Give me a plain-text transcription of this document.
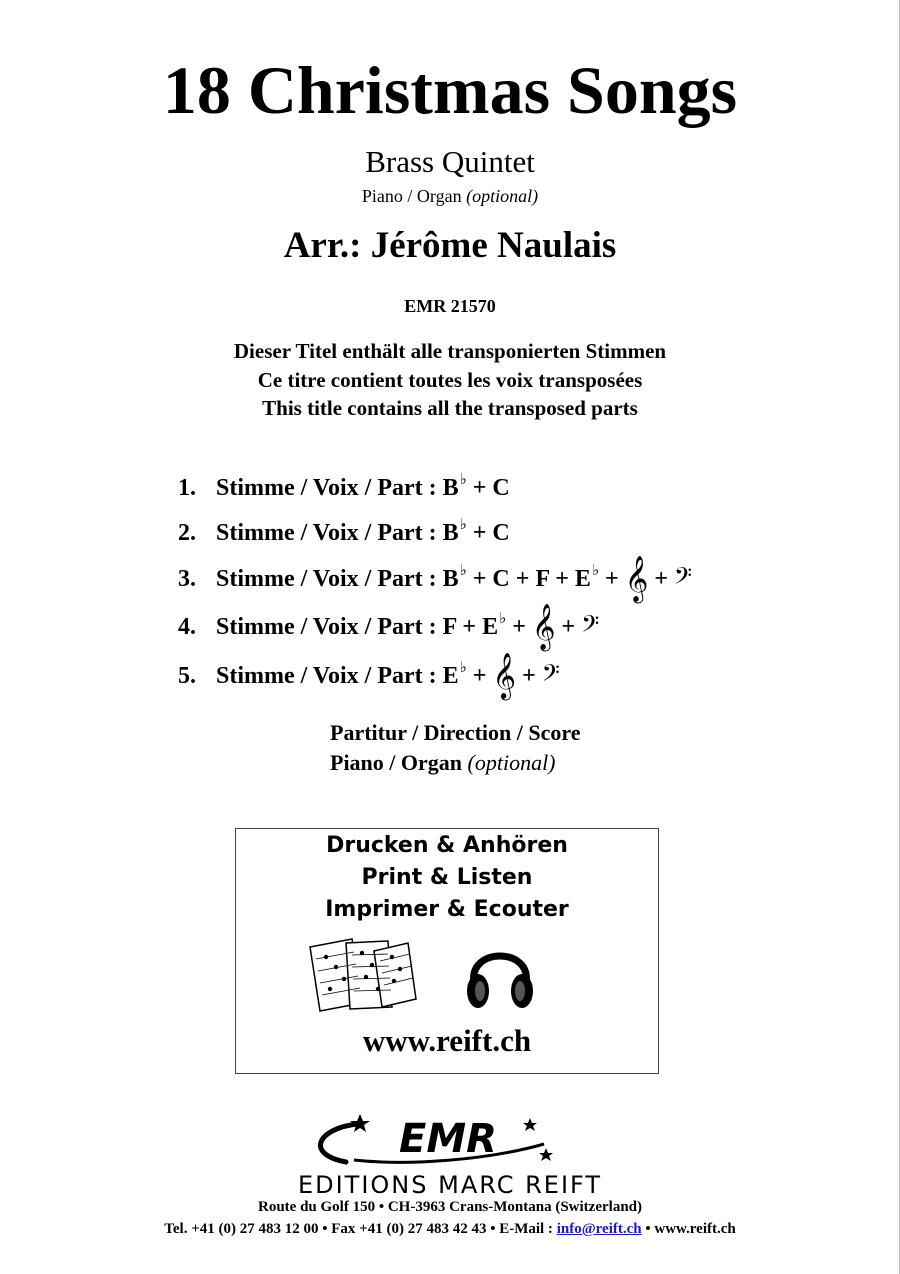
18 Christmas Songs
Brass Quintet
Piano / Organ (optional)
Arr.: Jérôme Naulais
EMR 21570
Dieser Titel enthält alle transponierten Stimmen
Ce titre contient toutes les voix transposées
This title contains all the transposed parts
1. Stimme / Voix / Part : B♭ + C
2. Stimme / Voix / Part : B♭ + C
3. Stimme / Voix / Part : B♭ + C + F + E♭ + 𝄞 + 𝄢
4. Stimme / Voix / Part : F + E♭ + 𝄞 + 𝄢
5. Stimme / Voix / Part : E♭ + 𝄞 + 𝄢
Partitur / Direction / Score
Piano / Organ (optional)
Drucken & Anhören
Print & Listen
Imprimer & Ecouter
www.reift.ch
EMR
EDITIONS MARC REIFT
Route du Golf 150 • CH-3963 Crans-Montana (Switzerland)
Tel. +41 (0) 27 483 12 00 • Fax +41 (0) 27 483 42 43 • E-Mail : info@reift.ch • www.reift.ch
